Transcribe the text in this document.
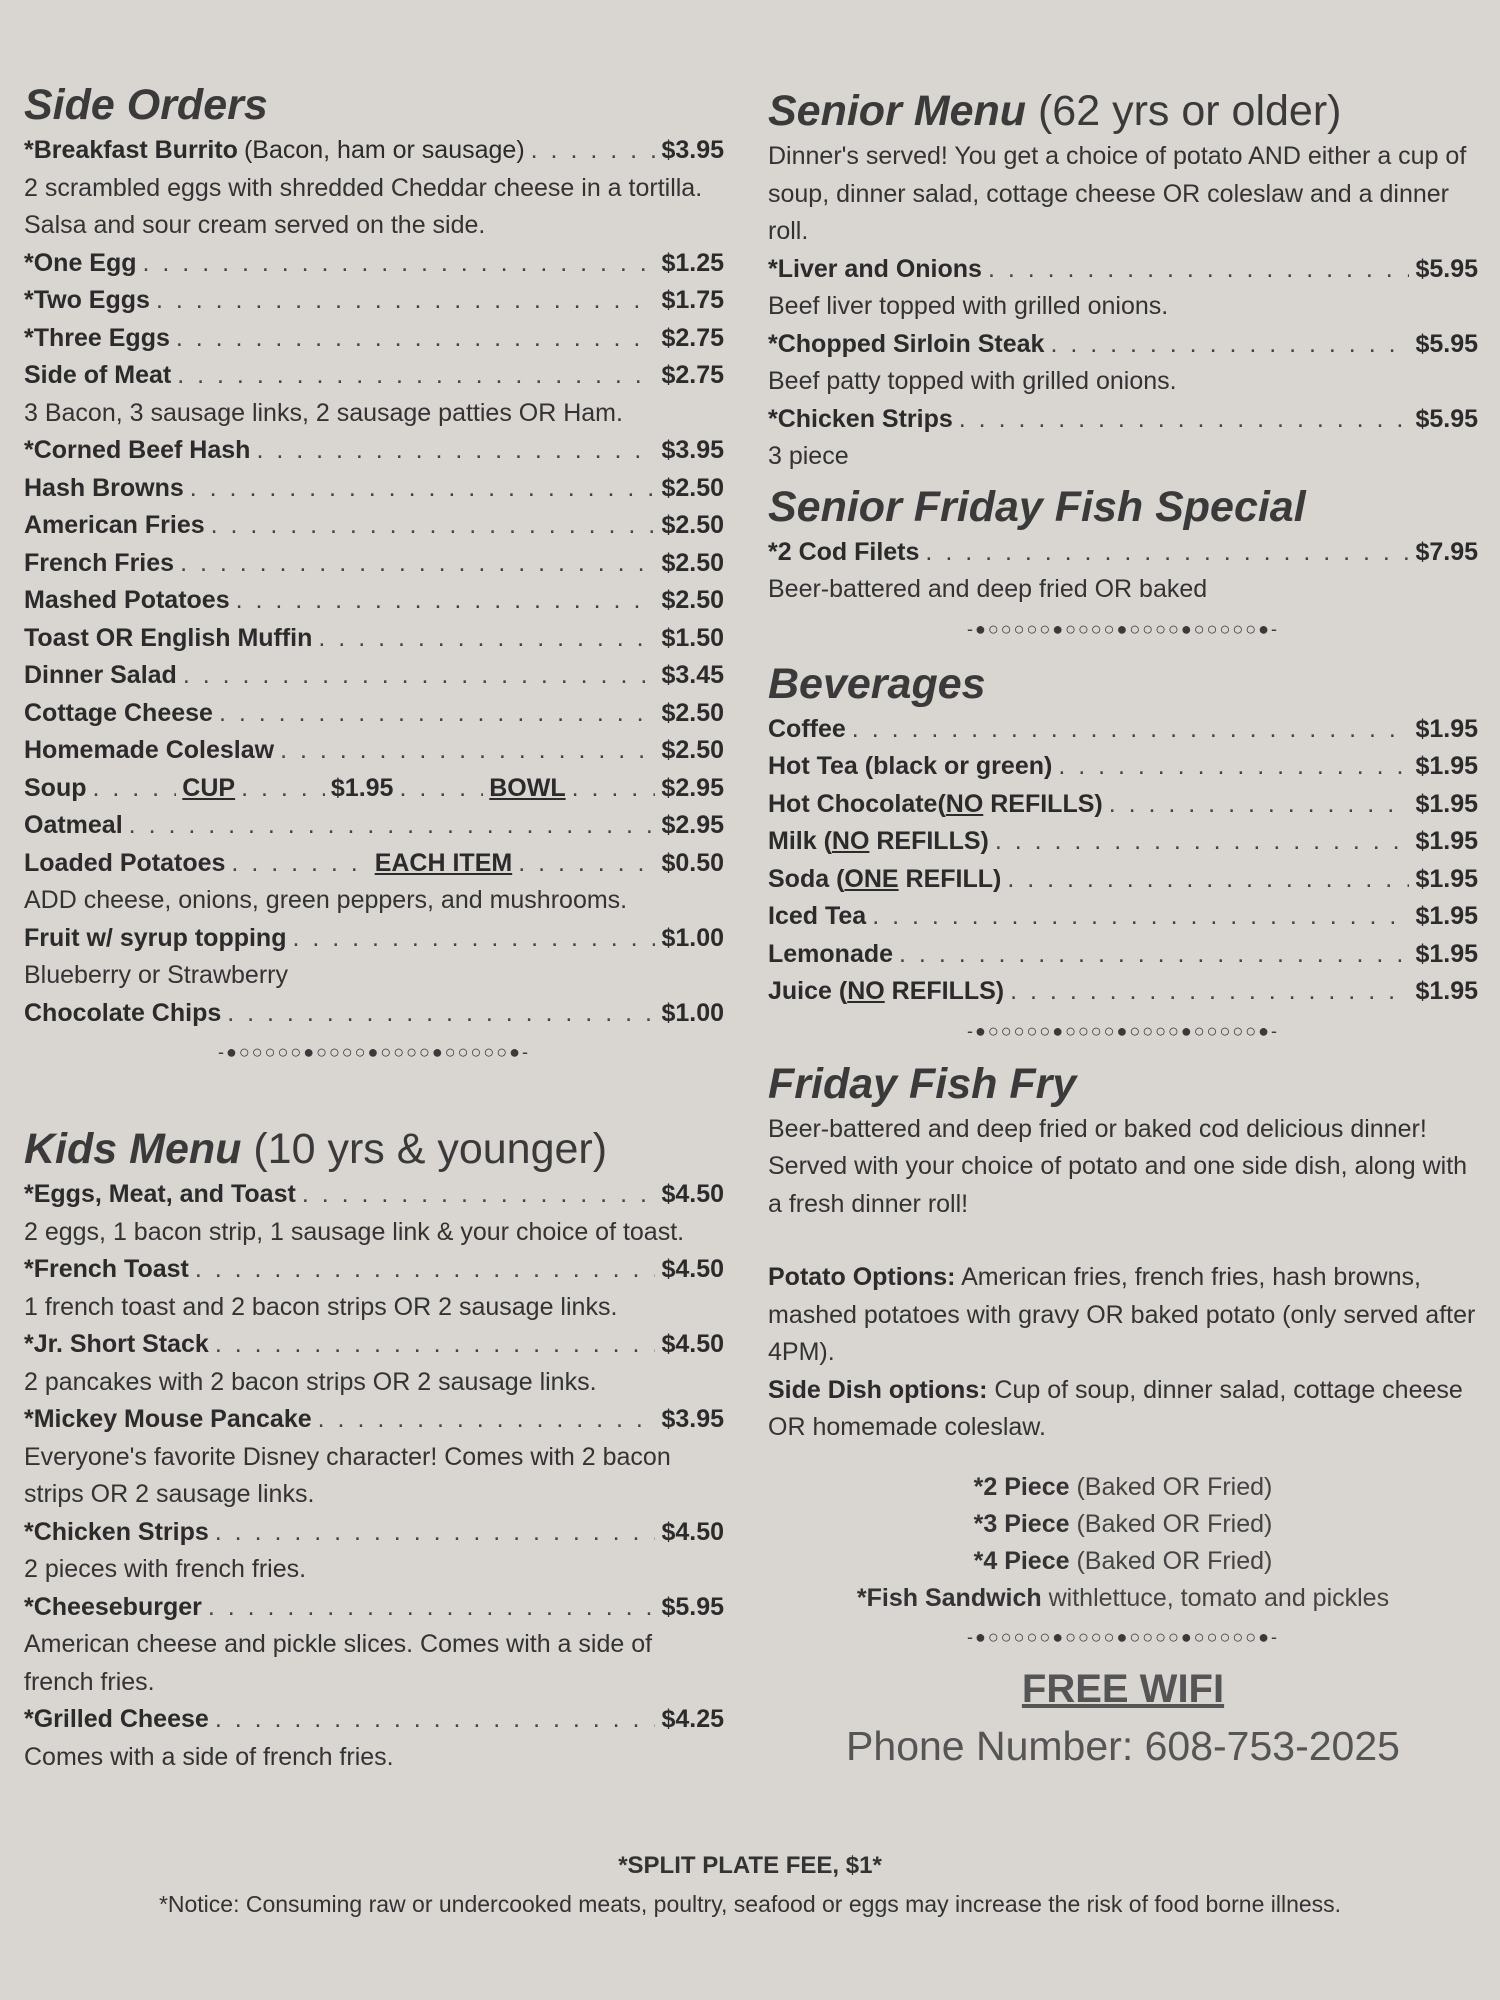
Side Orders
*Breakfast Burrito (Bacon, ham or sausage) . . .	$3.95
2 scrambled eggs with shredded Cheddar cheese in a tortilla. Salsa and sour cream served on the side.
*One Egg . . .	$1.25
*Two Eggs . . .	$1.75
*Three Eggs . . .	$2.75
Side of Meat . . .	$2.75
3 Bacon, 3 sausage links, 2 sausage patties OR Ham.
*Corned Beef Hash . . .	$3.95
Hash Browns . . .	$2.50
American Fries . . .	$2.50
French Fries . . .	$2.50
Mashed Potatoes . . .	$2.50
Toast OR English Muffin . . .	$1.50
Dinner Salad . . .	$3.45
Cottage Cheese . . .	$2.50
Homemade Coleslaw . . .	$2.50
Soup . . .	CUP . . .	$1.95 . . .	BOWL . . .	$2.95
Oatmeal . . .	$2.95
Loaded Potatoes . . .	EACH ITEM . . .	$0.50
ADD cheese, onions, green peppers, and mushrooms.
Fruit w/ syrup topping . . .	$1.00
Blueberry or Strawberry
Chocolate Chips . . .	$1.00
-●○○○○○●○○○○●○○○○●○○○○○●-
Kids Menu (10 yrs & younger)
*Eggs, Meat, and Toast . . .	$4.50
2 eggs, 1 bacon strip, 1 sausage link & your choice of toast.
*French Toast . . .	$4.50
1 french toast and 2 bacon strips OR 2 sausage links.
*Jr. Short Stack . . .	$4.50
2 pancakes with 2 bacon strips OR 2 sausage links.
*Mickey Mouse Pancake . . .	$3.95
Everyone's favorite Disney character! Comes with 2 bacon strips OR 2 sausage links.
*Chicken Strips . . .	$4.50
2 pieces with french fries.
*Cheeseburger . . .	$5.95
American cheese and pickle slices. Comes with a side of french fries.
*Grilled Cheese . . .	$4.25
Comes with a side of french fries.
Senior Menu (62 yrs or older)
Dinner's served! You get a choice of potato AND either a cup of soup, dinner salad, cottage cheese OR coleslaw and a dinner roll.
*Liver and Onions . . .	$5.95
Beef liver topped with grilled onions.
*Chopped Sirloin Steak . . .	$5.95
Beef patty topped with grilled onions.
*Chicken Strips . . .	$5.95
3 piece
Senior Friday Fish Special
*2 Cod Filets . . .	$7.95
Beer-battered and deep fried OR baked
-●○○○○○●○○○○●○○○○●○○○○○●-
Beverages
Coffee . . .	$1.95
Hot Tea (black or green) . . .	$1.95
Hot Chocolate(NO REFILLS) . . .	$1.95
Milk (NO REFILLS) . . .	$1.95
Soda (ONE REFILL) . . .	$1.95
Iced Tea . . .	$1.95
Lemonade . . .	$1.95
Juice (NO REFILLS) . . .	$1.95
-●○○○○○●○○○○●○○○○●○○○○○●-
Friday Fish Fry
Beer-battered and deep fried or baked cod delicious dinner! Served with your choice of potato and one side dish, along with a fresh dinner roll!
Potato Options: American fries, french fries, hash browns, mashed potatoes with gravy OR baked potato (only served after 4PM).
Side Dish options: Cup of soup, dinner salad, cottage cheese OR homemade coleslaw.
*2 Piece (Baked OR Fried)
*3 Piece (Baked OR Fried)
*4 Piece (Baked OR Fried)
*Fish Sandwich withlettuce, tomato and pickles
-●○○○○○●○○○○●○○○○●○○○○○●-
FREE WIFI
Phone Number: 608-753-2025
*SPLIT PLATE FEE, $1*
*Notice: Consuming raw or undercooked meats, poultry, seafood or eggs may increase the risk of food borne illness.
